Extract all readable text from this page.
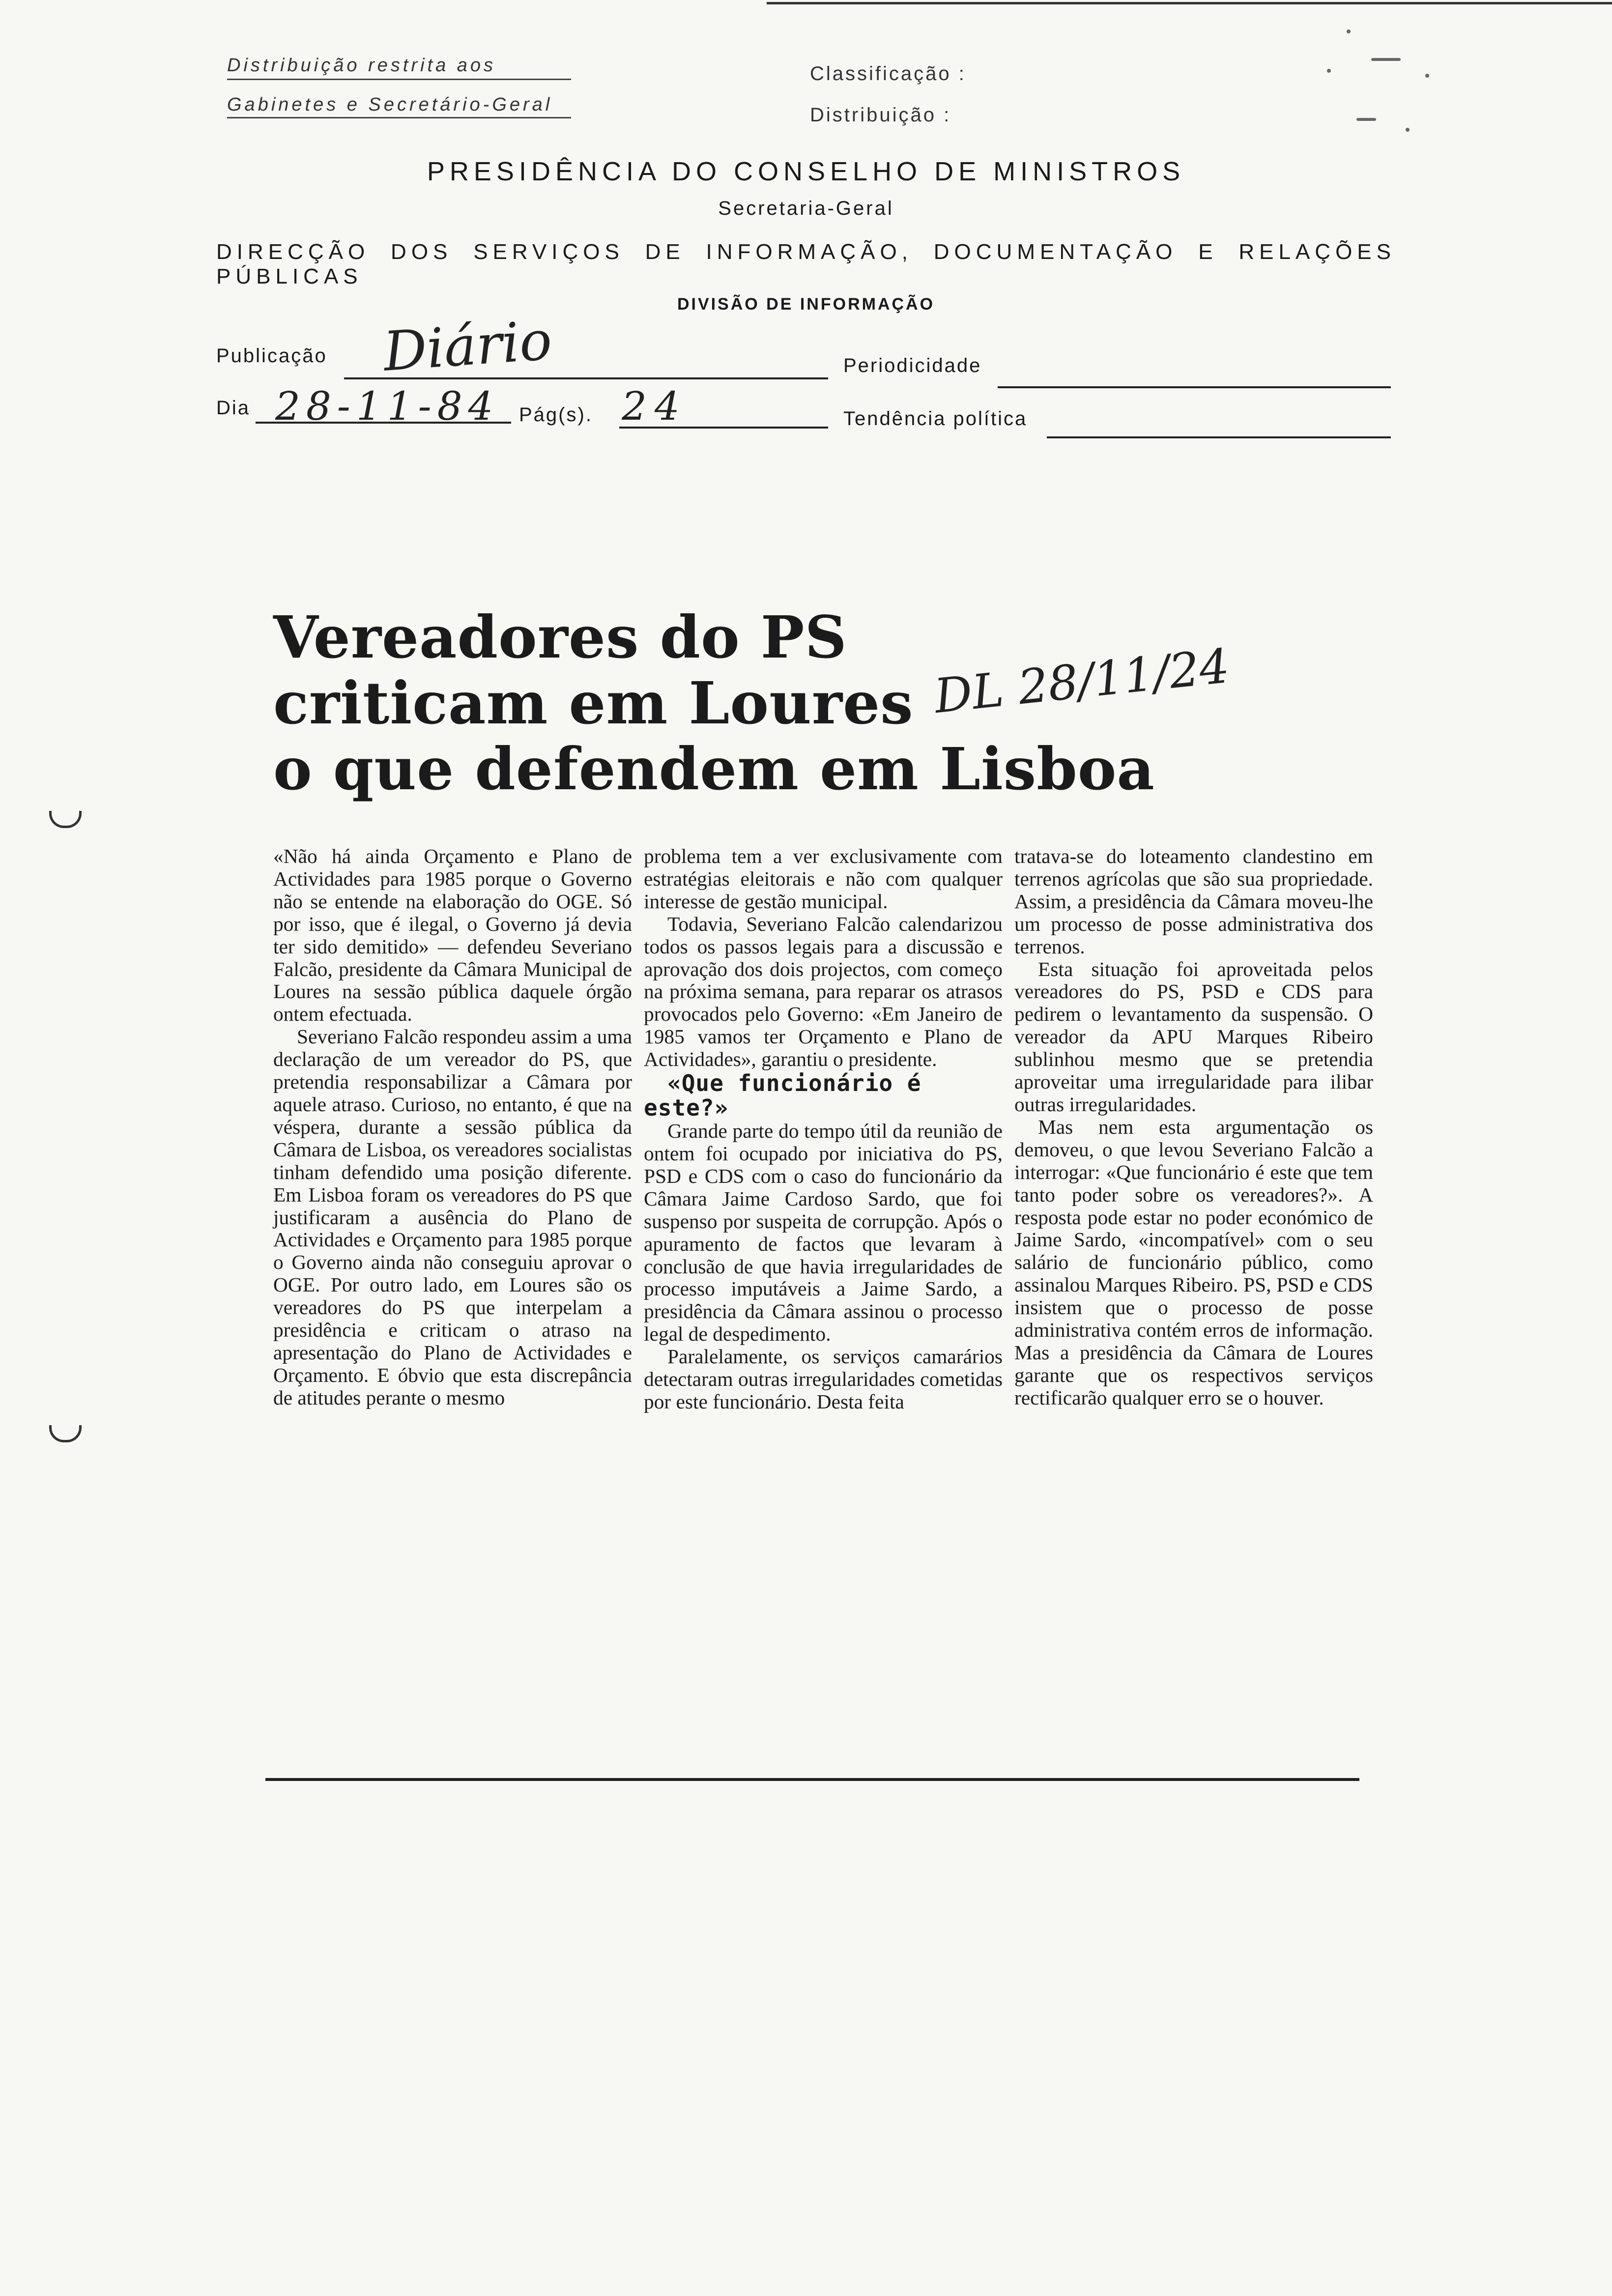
Distribuição restrita aos
Gabinetes e Secretário-Geral
Classificação :
Distribuição :
PRESIDÊNCIA DO CONSELHO DE MINISTROS
Secretaria-Geral
DIRECÇÃO DOS SERVIÇOS DE INFORMAÇÃO, DOCUMENTAÇÃO E RELAÇÕES PÚBLICAS
DIVISÃO DE INFORMAÇÃO
Publicação Diário	Periodicidade
Dia 28-11-84 Pág(s). 24	Tendência política
Vereadores do PS
criticam em Loures
o que defendem em Lisboa
DL 28/11/24

«Não há ainda Orçamento e Plano de Actividades para 1985 porque o Governo não se entende na elaboração do OGE. Só por isso, que é ilegal, o Governo já devia ter sido demitido» — defendeu Severiano Falcão, presidente da Câmara Municipal de Loures na sessão pública daquele órgão ontem efectuada.

Severiano Falcão respondeu assim a uma declaração de um vereador do PS, que pretendia responsabilizar a Câmara por aquele atraso. Curioso, no entanto, é que na véspera, durante a sessão pública da Câmara de Lisboa, os vereadores socialistas tinham defendido uma posição diferente. Em Lisboa foram os vereadores do PS que justificaram a ausência do Plano de Actividades e Orçamento para 1985 porque o Governo ainda não conseguiu aprovar o OGE. Por outro lado, em Loures são os vereadores do PS que interpelam a presidência e criticam o atraso na apresentação do Plano de Actividades e Orçamento. E óbvio que esta discrepância de atitudes perante o mesmo

problema tem a ver exclusivamente com estratégias eleitorais e não com qualquer interesse de gestão municipal.

Todavia, Severiano Falcão calendarizou todos os passos legais para a discussão e aprovação dos dois projectos, com começo na próxima semana, para reparar os atrasos provocados pelo Governo: «Em Janeiro de 1985 vamos ter Orçamento e Plano de Actividades», garantiu o presidente.

«Que funcionário é este?»

Grande parte do tempo útil da reunião de ontem foi ocupado por iniciativa do PS, PSD e CDS com o caso do funcionário da Câmara Jaime Cardoso Sardo, que foi suspenso por suspeita de corrupção. Após o apuramento de factos que levaram à conclusão de que havia irregularidades de processo imputáveis a Jaime Sardo, a presidência da Câmara assinou o processo legal de despedimento.

Paralelamente, os serviços camarários detectaram outras irregularidades cometidas por este funcionário. Desta feita

tratava-se do loteamento clandestino em terrenos agrícolas que são sua propriedade. Assim, a presidência da Câmara moveu-lhe um processo de posse administrativa dos terrenos.

Esta situação foi aproveitada pelos vereadores do PS, PSD e CDS para pedirem o levantamento da suspensão. O vereador da APU Marques Ribeiro sublinhou mesmo que se pretendia aproveitar uma irregularidade para ilibar outras irregularidades.

Mas nem esta argumentação os demoveu, o que levou Severiano Falcão a interrogar: «Que funcionário é este que tem tanto poder sobre os vereadores?». A resposta pode estar no poder económico de Jaime Sardo, «incompatível» com o seu salário de funcionário público, como assinalou Marques Ribeiro. PS, PSD e CDS insistem que o processo de posse administrativa contém erros de informação. Mas a presidência da Câmara de Loures garante que os respectivos serviços rectificarão qualquer erro se o houver.
